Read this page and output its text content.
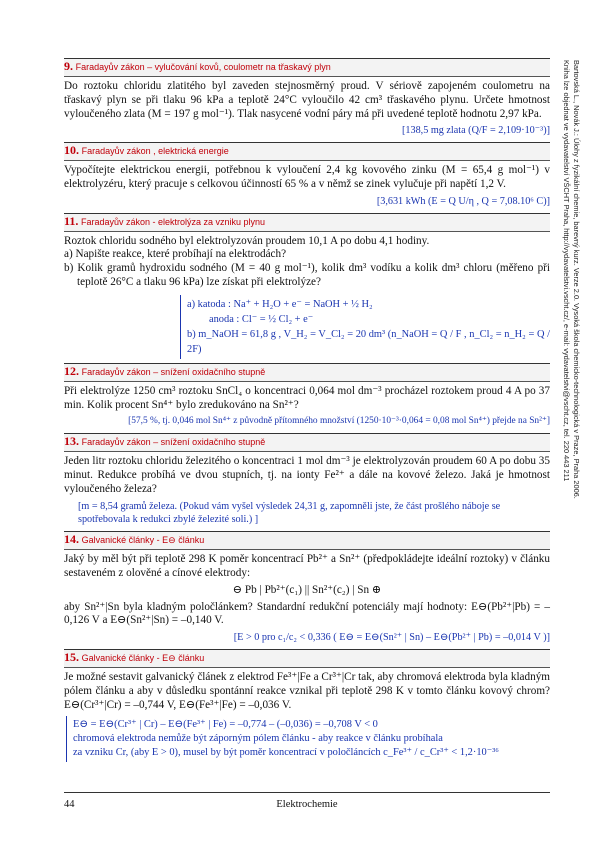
Bartovská L., Novák J.: Úlohy z fyzikální chemie, barevný kurz. Verze 2.0. Vysoká škola chemicko-technologická v Praze, Praha 2006.
Kniha lze objednat ve vydavatelství VŠCHT Praha, http://vydavatelstvi.vscht.cz/, e-mail: vydavatelstvi@vscht.cz, tel. 220 443 211
9. Faradayův zákon – vylučování kovů, coulometr na třaskavý plyn

Do roztoku chloridu zlatitého byl zaveden stejnosměrný proud. V sériově zapojeném coulometru na třaskavý plyn se při tlaku 96 kPa a teplotě 24°C vyloučilo 42 cm³ třaskavého plynu. Určete hmotnost vyloučeného zlata (M = 197 g mol⁻¹). Tlak nasycené vodní páry má při uvedené teplotě hodnotu 2,97 kPa.

[138,5 mg zlata (Q/F = 2,109·10⁻³)]
10. Faradayův zákon , elektrická energie

Vypočítejte elektrickou energii, potřebnou k vyloučení 2,4 kg kovového zinku (M = 65,4 g mol⁻¹) v elektrolyzéru, který pracuje s celkovou účinností 65 % a v němž se zinek vylučuje při napětí 1,2 V.

[3,631 kWh (E = Q U/η , Q = 7,08.10⁶ C)]
11. Faradayův zákon - elektrolýza za vzniku plynu

Roztok chloridu sodného byl elektrolyzován proudem 10,1 A po dobu 4,1 hodiny.

a) Napište reakce, které probíhají na elektrodách?

b) Kolik gramů hydroxidu sodného (M = 40 g mol⁻¹), kolik dm³ vodíku a kolik dm³ chloru (měřeno při teplotě 26°C a tlaku 96 kPa) lze získat při elektrolýze?

a) katoda : Na⁺ + H₂O + e⁻ = NaOH + ½ H₂
anoda : Cl⁻ = ½ Cl₂ + e⁻
b) m_NaOH = 61,8 g , V_H₂ = V_Cl₂ = 20 dm³ (n_NaOH = Q / F , n_Cl₂ = n_H₂ = Q / 2F)
12. Faradayův zákon – snížení oxidačního stupně

Při elektrolýze 1250 cm³ roztoku SnCl₄ o koncentraci 0,064 mol dm⁻³ procházel roztokem proud 4 A po 37 min. Kolik procent Sn⁴⁺ bylo zredukováno na Sn²⁺?

[57,5 %, tj. 0,046 mol Sn⁴⁺ z původně přítomného množství (1250·10⁻³·0,064 = 0,08 mol Sn⁴⁺) přejde na Sn²⁺]
13. Faradayův zákon – snížení oxidačního stupně

Jeden litr roztoku chloridu železitého o koncentraci 1 mol dm⁻³ je elektrolyzován proudem 60 A po dobu 35 minut. Redukce probíhá ve dvou stupních, tj. na ionty Fe²⁺ a dále na kovové železo. Jaká je hmotnost vyloučeného železa?

[m = 8,54 gramů železa. (Pokud vám vyšel výsledek 24,31 g, zapomněli jste, že část prošlého náboje se spotřebovala k redukci zbylé železité soli.) ]
14. Galvanické články - E⊖ článku

Jaký by měl být při teplotě 298 K poměr koncentrací Pb²⁺ a Sn²⁺ (předpokládejte ideální roztoky) v článku sestaveném z olověné a cínové elektrody:

⊖ Pb | Pb²⁺(c₁) || Sn²⁺(c₂) | Sn ⊕

aby Sn²⁺|Sn byla kladným poločlánkem? Standardní redukční potenciály mají hodnoty: E⊖(Pb²⁺|Pb) = –0,126 V a E⊖(Sn²⁺|Sn) = –0,140 V.

[E > 0 pro c₁/c₂ < 0,336 ( E⊖ = E⊖(Sn²⁺ | Sn) – E⊖(Pb²⁺ | Pb) = –0,014 V )]
15. Galvanické články - E⊖ článku

Je možné sestavit galvanický článek z elektrod Fe³⁺|Fe a Cr³⁺|Cr tak, aby chromová elektroda byla kladným pólem článku a aby v důsledku spontánní reakce vznikal při teplotě 298 K v tomto článku kovový chrom? E⊖(Cr³⁺|Cr) = –0,744 V, E⊖(Fe³⁺|Fe) = –0,036 V.

E⊖ = E⊖(Cr³⁺ | Cr) – E⊖(Fe³⁺ | Fe) = –0,774 – (–0,036) = –0,708 V < 0
chromová elektroda nemůže být záporným pólem článku - aby reakce v článku probíhala
za vzniku Cr, (aby E > 0), musel by být poměr koncentrací v poločláncích c_Fe³⁺ / c_Cr³⁺ < 1,2·10⁻³⁶
44	Elektrochemie
